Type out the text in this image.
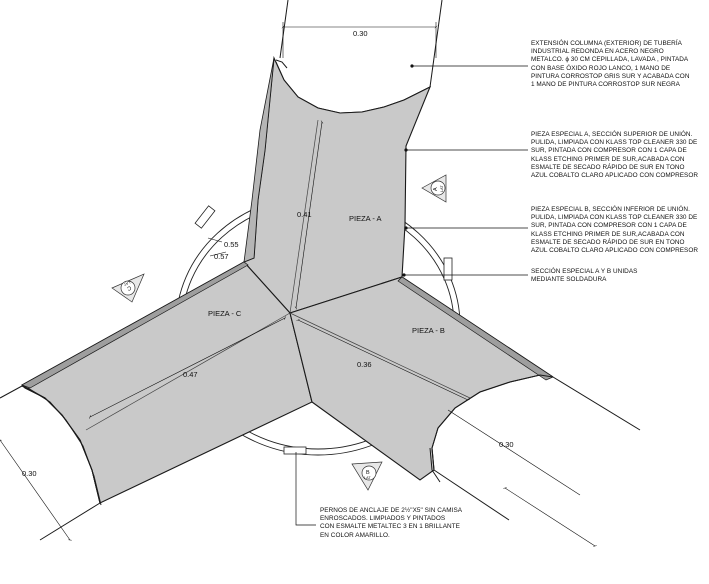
0.30
0.41
0.47
0.36
0.30
0.30
0.55
0.57
PIEZA - A
PIEZA - B
PIEZA - C
A LAT
B
LAT
C
LAT
EXTENSIÓN COLUMNA (EXTERIOR) DE TUBERÍA
INDUSTRIAL REDONDA EN ACERO NEGRO
METALCO. ɸ 30 CM CEPILLADA, LAVADA , PINTADA
CON BASE ÓXIDO ROJO LANCO, 1 MANO DE
PINTURA CORROSTOP GRIS SUR Y ACABADA CON
1 MANO DE PINTURA CORROSTOP SUR NEGRA
PIEZA ESPECIAL A, SECCIÓN SUPERIOR DE UNIÓN.
PULIDA, LIMPIADA CON KLASS TOP CLEANER 330 DE
SUR, PINTADA CON COMPRESOR CON 1 CAPA DE
KLASS ETCHING PRIMER DE SUR,ACABADA CON
ESMALTE DE SECADO RÁPIDO DE SUR EN TONO
AZUL COBALTO CLARO APLICADO CON COMPRESOR
PIEZA ESPECIAL B, SECCIÓN INFERIOR DE UNIÓN.
PULIDA, LIMPIADA CON KLASS TOP CLEANER 330 DE
SUR, PINTADA CON COMPRESOR CON 1 CAPA DE
KLASS ETCHING PRIMER DE SUR,ACABADA CON
ESMALTE DE SECADO RÁPIDO DE SUR EN TONO
AZUL COBALTO CLARO APLICADO CON COMPRESOR
SECCIÓN ESPECIAL A Y B UNIDAS
MEDIANTE SOLDADURA
PERNOS DE ANCLAJE DE 2½"X5" SIN CAMISA
ENROSCADOS. LIMPIADOS Y PINTADOS
CON ESMALTE METALTEC 3 EN 1 BRILLANTE
EN COLOR AMARILLO.
